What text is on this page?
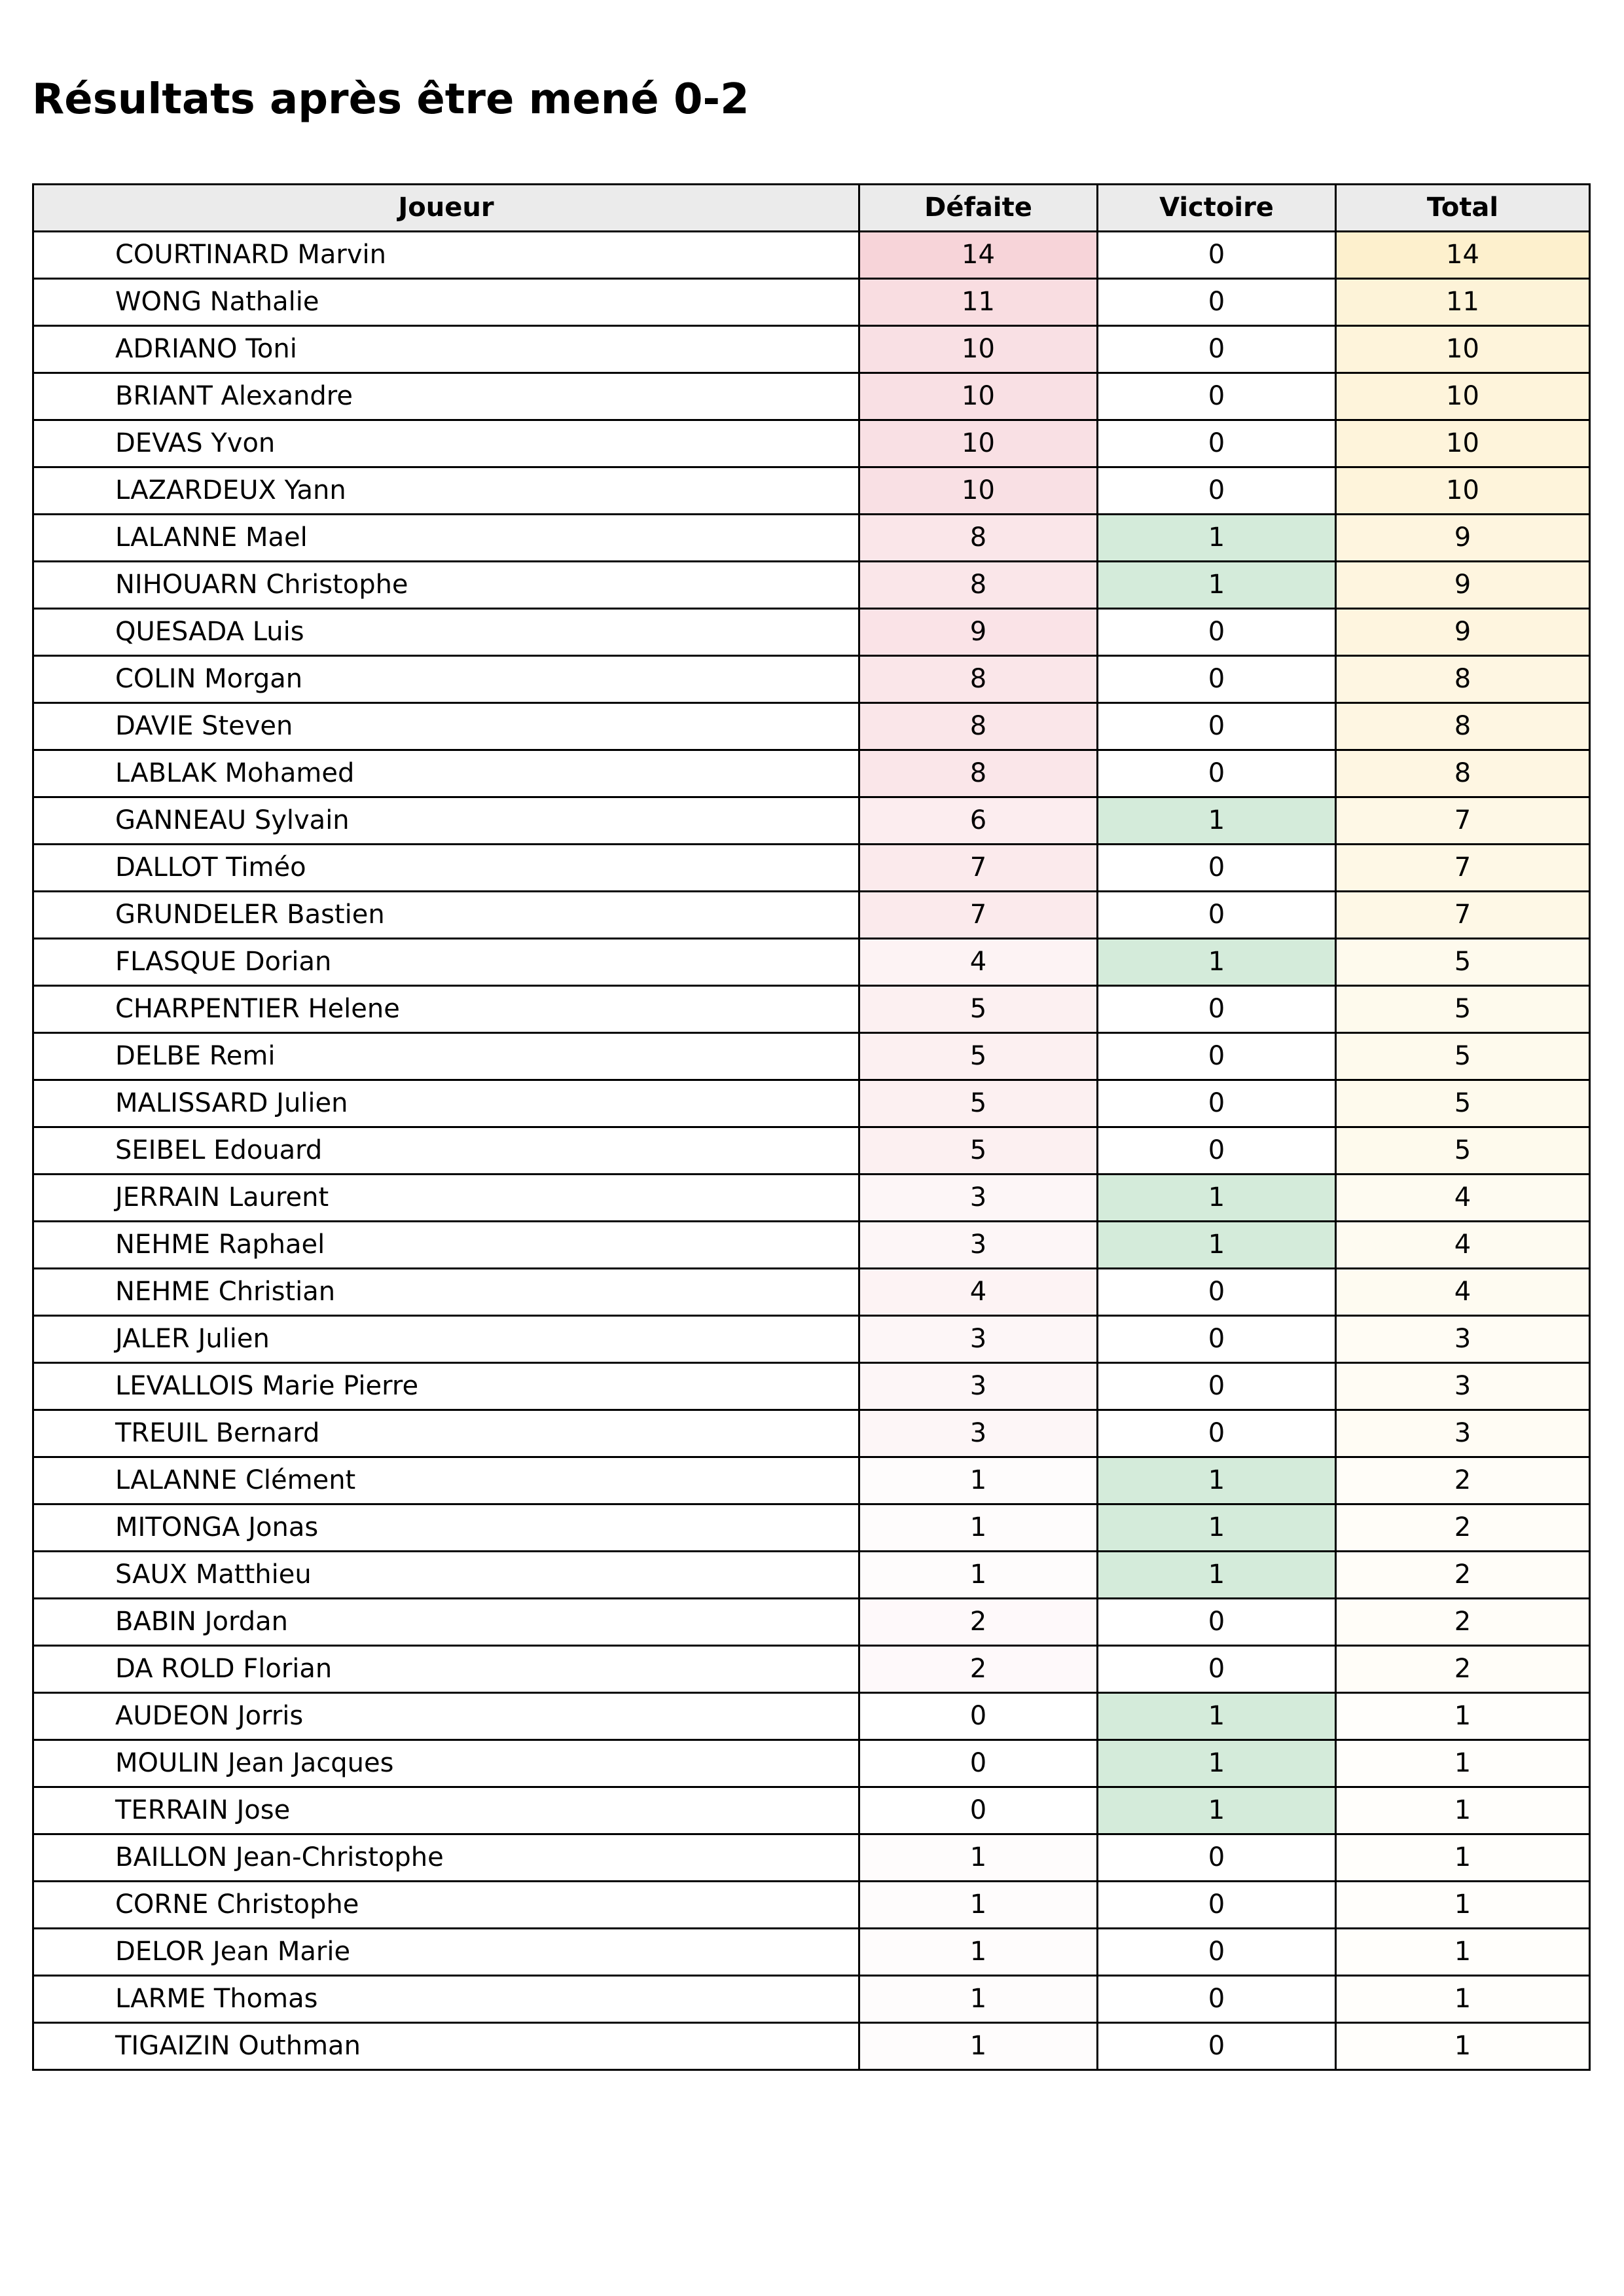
Résultats après être mené 0-2
Joueur	Défaite	Victoire	Total
COURTINARD Marvin	14	0	14
WONG Nathalie	11	0	11
ADRIANO Toni	10	0	10
BRIANT Alexandre	10	0	10
DEVAS Yvon	10	0	10
LAZARDEUX Yann	10	0	10
LALANNE Mael	8	1	9
NIHOUARN Christophe	8	1	9
QUESADA Luis	9	0	9
COLIN Morgan	8	0	8
DAVIE Steven	8	0	8
LABLAK Mohamed	8	0	8
GANNEAU Sylvain	6	1	7
DALLOT Timéo	7	0	7
GRUNDELER Bastien	7	0	7
FLASQUE Dorian	4	1	5
CHARPENTIER Helene	5	0	5
DELBE Remi	5	0	5
MALISSARD Julien	5	0	5
SEIBEL Edouard	5	0	5
JERRAIN Laurent	3	1	4
NEHME Raphael	3	1	4
NEHME Christian	4	0	4
JALER Julien	3	0	3
LEVALLOIS Marie Pierre	3	0	3
TREUIL Bernard	3	0	3
LALANNE Clément	1	1	2
MITONGA Jonas	1	1	2
SAUX Matthieu	1	1	2
BABIN Jordan	2	0	2
DA ROLD Florian	2	0	2
AUDEON Jorris	0	1	1
MOULIN Jean Jacques	0	1	1
TERRAIN Jose	0	1	1
BAILLON Jean-Christophe	1	0	1
CORNE Christophe	1	0	1
DELOR Jean Marie	1	0	1
LARME Thomas	1	0	1
TIGAIZIN Outhman	1	0	1
